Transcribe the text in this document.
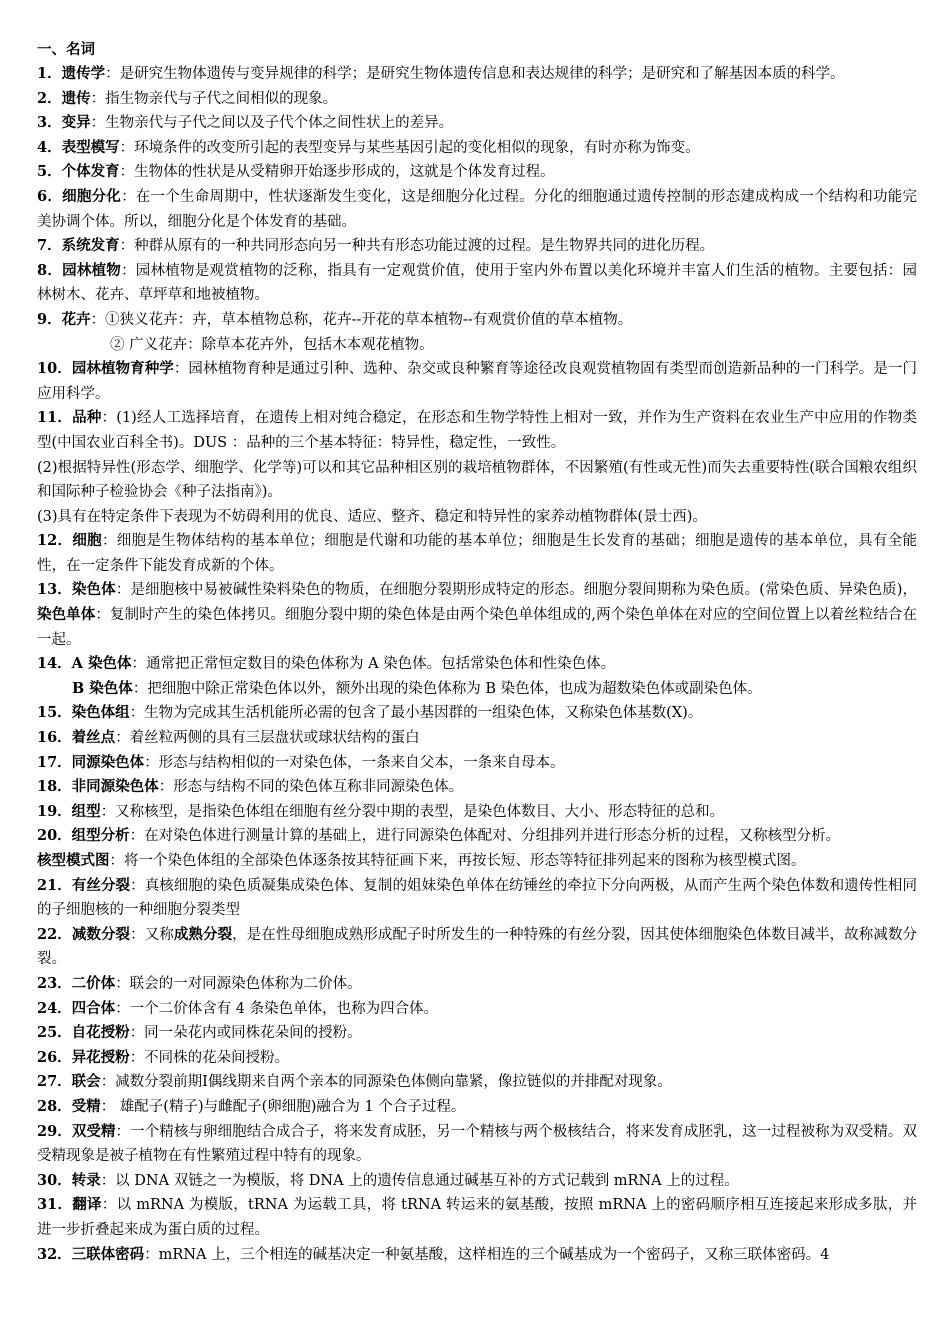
一、名词

1．遗传学：是研究生物体遗传与变异规律的科学；是研究生物体遗传信息和表达规律的科学；是研究和了解基因本质的科学。

2．遗传：指生物亲代与子代之间相似的现象。

3．变异：生物亲代与子代之间以及子代个体之间性状上的差异。

4．表型模写：环境条件的改变所引起的表型变异与某些基因引起的变化相似的现象，有时亦称为饰变。

5．个体发育：生物体的性状是从受精卵开始逐步形成的，这就是个体发育过程。

6．细胞分化：在一个生命周期中，性状逐渐发生变化，这是细胞分化过程。分化的细胞通过遗传控制的形态建成构成一个结构和功能完美协调个体。所以，细胞分化是个体发育的基础。

7．系统发育：种群从原有的一种共同形态向另一种共有形态功能过渡的过程。是生物界共同的进化历程。

8．园林植物：园林植物是观赏植物的泛称，指具有一定观赏价值，使用于室内外布置以美化环境并丰富人们生活的植物。主要包括：园林树木、花卉、草坪草和地被植物。

9．花卉：①狭义花卉：卉，草本植物总称，花卉--开花的草本植物--有观赏价值的草本植物。

② 广义花卉：除草本花卉外，包括木本观花植物。

10．园林植物育种学：园林植物育种是通过引种、选种、杂交或良种繁育等途径改良观赏植物固有类型而创造新品种的一门科学。是一门应用科学。

11．品种：(1)经人工选择培育，在遗传上相对纯合稳定，在形态和生物学特性上相对一致，并作为生产资料在农业生产中应用的作物类型(中国农业百科全书)。DUS ：品种的三个基本特征：特异性，稳定性，一致性。

(2)根据特异性(形态学、细胞学、化学等)可以和其它品种相区别的栽培植物群体，不因繁殖(有性或无性)而失去重要特性(联合国粮农组织和国际种子检验协会《种子法指南》)。

(3)具有在特定条件下表现为不妨碍利用的优良、适应、整齐、稳定和特异性的家养动植物群体(景士西)。

12．细胞：细胞是生物体结构的基本单位；细胞是代谢和功能的基本单位；细胞是生长发育的基础；细胞是遗传的基本单位，具有全能性，在一定条件下能发育成新的个体。

13．染色体：是细胞核中易被碱性染料染色的物质，在细胞分裂期形成特定的形态。细胞分裂间期称为染色质。(常染色质、异染色质)，染色单体：复制时产生的染色体拷贝。细胞分裂中期的染色体是由两个染色单体组成的,两个染色单体在对应的空间位置上以着丝粒结合在一起。

14．A 染色体：通常把正常恒定数目的染色体称为 A 染色体。包括常染色体和性染色体。

B 染色体：把细胞中除正常染色体以外，额外出现的染色体称为 B 染色体，也成为超数染色体或副染色体。

15．染色体组：生物为完成其生活机能所必需的包含了最小基因群的一组染色体，又称染色体基数(X)。

16．着丝点：着丝粒两侧的具有三层盘状或球状结构的蛋白

17．同源染色体：形态与结构相似的一对染色体，一条来自父本，一条来自母本。

18．非同源染色体：形态与结构不同的染色体互称非同源染色体。

19．组型：又称核型，是指染色体组在细胞有丝分裂中期的表型，是染色体数目、大小、形态特征的总和。

20．组型分析：在对染色体进行测量计算的基础上，进行同源染色体配对、分组排列并进行形态分析的过程，又称核型分析。

核型模式图：将一个染色体组的全部染色体逐条按其特征画下来，再按长短、形态等特征排列起来的图称为核型模式图。

21．有丝分裂：真核细胞的染色质凝集成染色体、复制的姐妹染色单体在纺锤丝的牵拉下分向两极，从而产生两个染色体数和遗传性相同的子细胞核的一种细胞分裂类型

22．减数分裂：又称成熟分裂，是在性母细胞成熟形成配子时所发生的一种特殊的有丝分裂，因其使体细胞染色体数目减半，故称减数分裂。

23．二价体：联会的一对同源染色体称为二价体。

24．四合体：一个二价体含有 4 条染色单体，也称为四合体。

25．自花授粉：同一朵花内或同株花朵间的授粉。

26．异花授粉：不同株的花朵间授粉。

27．联会：减数分裂前期Ⅰ偶线期来自两个亲本的同源染色体侧向靠紧，像拉链似的并排配对现象。

28．受精： 雄配子(精子)与雌配子(卵细胞)融合为 1 个合子过程。

29．双受精：一个精核与卵细胞结合成合子，将来发育成胚，另一个精核与两个极核结合，将来发育成胚乳，这一过程被称为双受精。双受精现象是被子植物在有性繁殖过程中特有的现象。

30．转录：以 DNA 双链之一为模版，将 DNA 上的遗传信息通过碱基互补的方式记载到 mRNA 上的过程。

31．翻译：以 mRNA 为模版，tRNA 为运载工具，将 tRNA 转运来的氨基酸，按照 mRNA 上的密码顺序相互连接起来形成多肽，并进一步折叠起来成为蛋白质的过程。

32．三联体密码：mRNA 上，三个相连的碱基决定一种氨基酸，这样相连的三个碱基成为一个密码子，又称三联体密码。4
